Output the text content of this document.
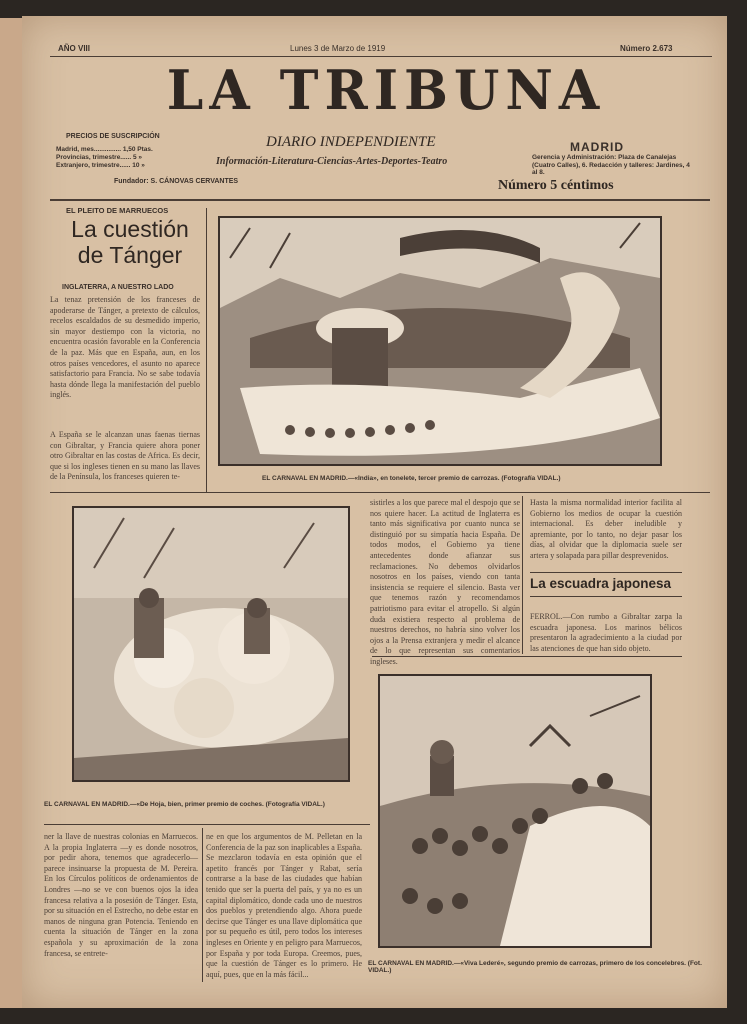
AÑO VIII	Lunes 3 de Marzo de 1919	Número 2.673
LA TRIBUNA
DIARIO INDEPENDIENTE
Información-Literatura-Ciencias-Artes-Deportes-Teatro
PRECIOS DE SUSCRIPCIÓN
Madrid, mes............... 1,50 Ptas.
Provincias, trimestre...... 5 »
Extranjero, trimestre...... 10 »
Fundador: S. CÁNOVAS CERVANTES
MADRID
Gerencia y Administración: Plaza de Canalejas (Cuatro Calles), 6. Redacción y talleres: Jardines, 4 al 8.
Número 5 céntimos
EL PLEITO DE MARRUECOS
La cuestión
de Tánger
INGLATERRA, A NUESTRO LADO
La tenaz pretensión de los franceses de apoderarse de Tánger, a pretexto de cálculos, recelos escaldados de su desmedido imperio, sin mayor destiempo con la victoria, no encuentra ocasión favorable en la Conferencia de la paz. Más que en España, aun, en los otros países vencedores, el asunto no aparece satisfactorio para Francia. No se sabe todavía hasta dónde llega la manifestación del pueblo inglés.
A España se le alcanzan unas faenas tiernas con Gibraltar, y Francia quiere ahora poner otro Gibraltar en las costas de Africa. Es decir, que si los ingleses tienen en su mano las llaves de la Península, los franceses quieren te-	EL CARNAVAL EN MADRID.—«India», en tonelete, tercer premio de carrozas. (Fotografía VIDAL.)
EL CARNAVAL EN MADRID.—«De Hoja, bien, primer premio de coches. (Fotografía VIDAL.)
sistirles a los que parece mal el despojo que se nos quiere hacer. La actitud de Inglaterra es tanto más significativa por cuanto nunca se distinguió por su simpatía hacia España. De todos modos, el Gobierno ya tiene antecedentes donde afianzar sus reclamaciones. No debemos olvidarlos nosotros en los países, viendo con tanta insistencia se requiere el silencio. Basta ver que tenemos razón y recomendamos patriotismo para evitar el atropello. Si algún duda existiera respecto al problema de nuestros derechos, no habría sino volver los ojos a la Prensa extranjera y medir el alcance de lo que representan sus comentarios ingleses.
Hasta la misma normalidad interior facilita al Gobierno los medios de ocupar la cuestión internacional. Es deber ineludible y apremiante, por lo tanto, no dejar pasar los días, al olvidar que la diplomacia suele ser artera y solapada para pillar desprevenidos.
La escuadra japonesa
FERROL.—Con rumbo a Gibraltar zarpa la escuadra japonesa. Los marinos bélicos presentaron la agradecimiento a la ciudad por las atenciones de que han sido objeto.
EL CARNAVAL EN MADRID.—«Viva Lederé», segundo premio de carrozas, primero de los concelebres. (Fot. VIDAL.)
ner la llave de nuestras colonias en Marruecos. A la propia Inglaterra —y es donde nosotros, por pedir ahora, tenemos que agradecerlo— parece insinuarse la propuesta de M. Pereira. En los Círculos políticos de ordenamientos de Londres —no se ve con buenos ojos la idea francesa relativa a la posesión de Tánger. Esta, por su situación en el Estrecho, no debe estar en manos de ninguna gran Potencia. Teniendo en cuenta la situación de Tánger en la zona española y su aproximación de la zona francesa, se entrete-
ne en que los argumentos de M. Pelletan en la Conferencia de la paz son inaplicables a España. Se mezclaron todavía en esta opinión que el apetito francés por Tánger y Rabat, sería contrarse a la base de las ciudades que habían tenido que ser la puerta del país, y ya no es un capital diplomático, donde cada uno de nuestros dos pueblos y pretendiendo algo. Ahora puede decirse que Tánger es una llave diplomática que por su pequeño es útil, pero todos los intereses ingleses en Oriente y en peligro para Marruecos, por España y por toda Europa. Creemos, pues, que la cuestión de Tánger es lo primero. He aquí, pues, que en la más fácil...
